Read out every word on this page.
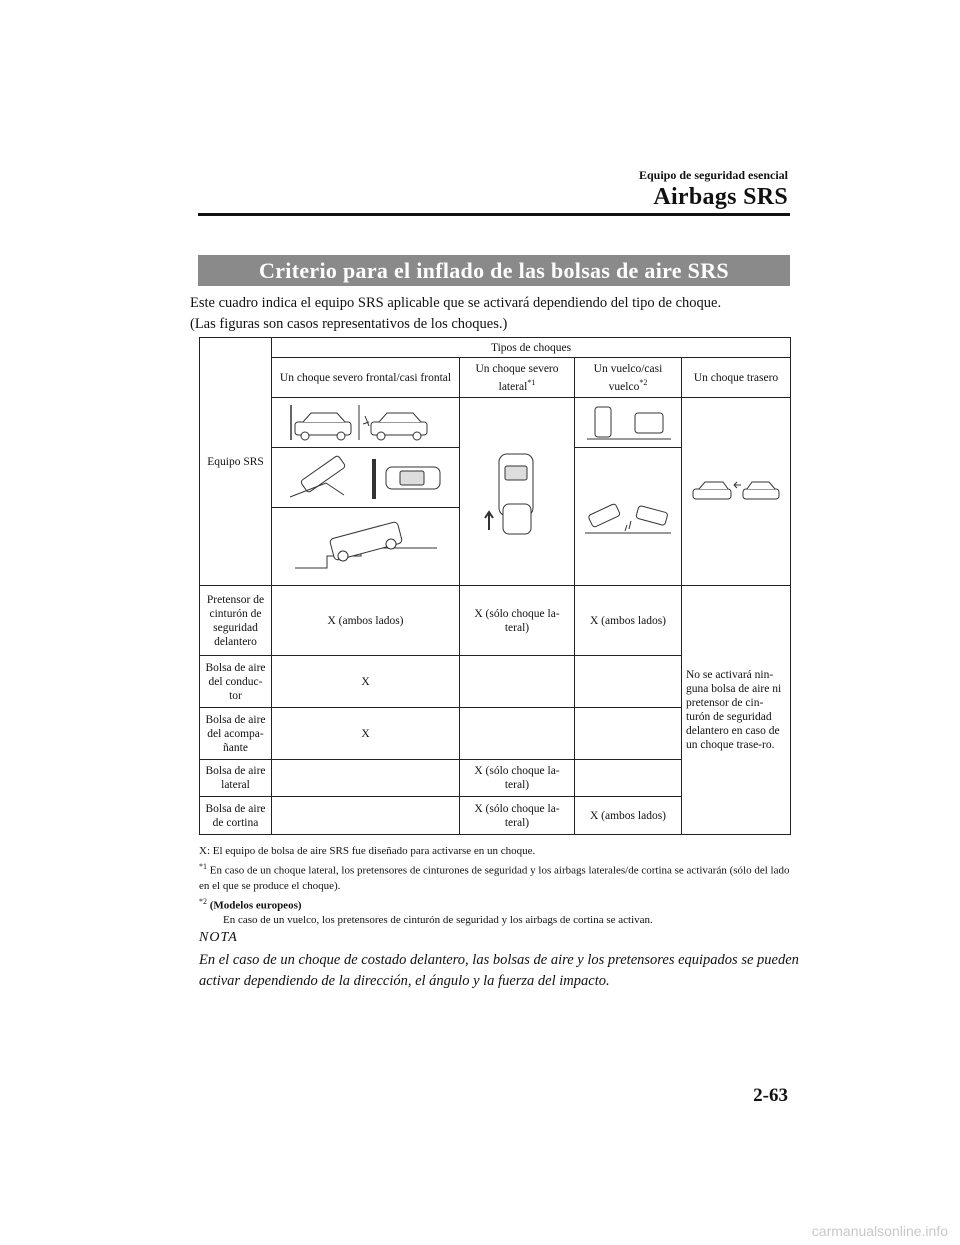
Equipo de seguridad esencial
Airbags SRS
Criterio para el inflado de las bolsas de aire SRS
Este cuadro indica el equipo SRS aplicable que se activará dependiendo del tipo de choque.
(Las figuras son casos representativos de los choques.)
Equipo SRS	Tipos de choques			
	Un choque severo frontal/casi frontal	Un choque severo lateral$^{*1}$	Un vuelco/casi vuelco$^{*2}$	Un choque trasero

Pretensor de cinturón de seguridad delantero	X (ambos lados)	X (sólo choque la-teral)	X (ambos lados)	No se activará nin-guna bolsa de aire ni pretensor de cin-turón de seguridad delantero en caso de un choque trase-ro.
Bolsa de aire del conduc-tor	X			
Bolsa de aire del acompa-ñante	X			
Bolsa de aire lateral		X (sólo choque la-teral)		
Bolsa de aire de cortina		X (sólo choque la-teral)	X (ambos lados)	
X: El equipo de bolsa de aire SRS fue diseñado para activarse en un choque.
$^{*1}$ En caso de un choque lateral, los pretensores de cinturones de seguridad y los airbags laterales/de cortina se activarán (sólo del lado en el que se produce el choque).
$^{*2}$ (Modelos europeos)
En caso de un vuelco, los pretensores de cinturón de seguridad y los airbags de cortina se activan.
NOTA
En el caso de un choque de costado delantero, las bolsas de aire y los pretensores equipados se pueden activar dependiendo de la dirección, el ángulo y la fuerza del impacto.
2-63
carmanualsonline.info
